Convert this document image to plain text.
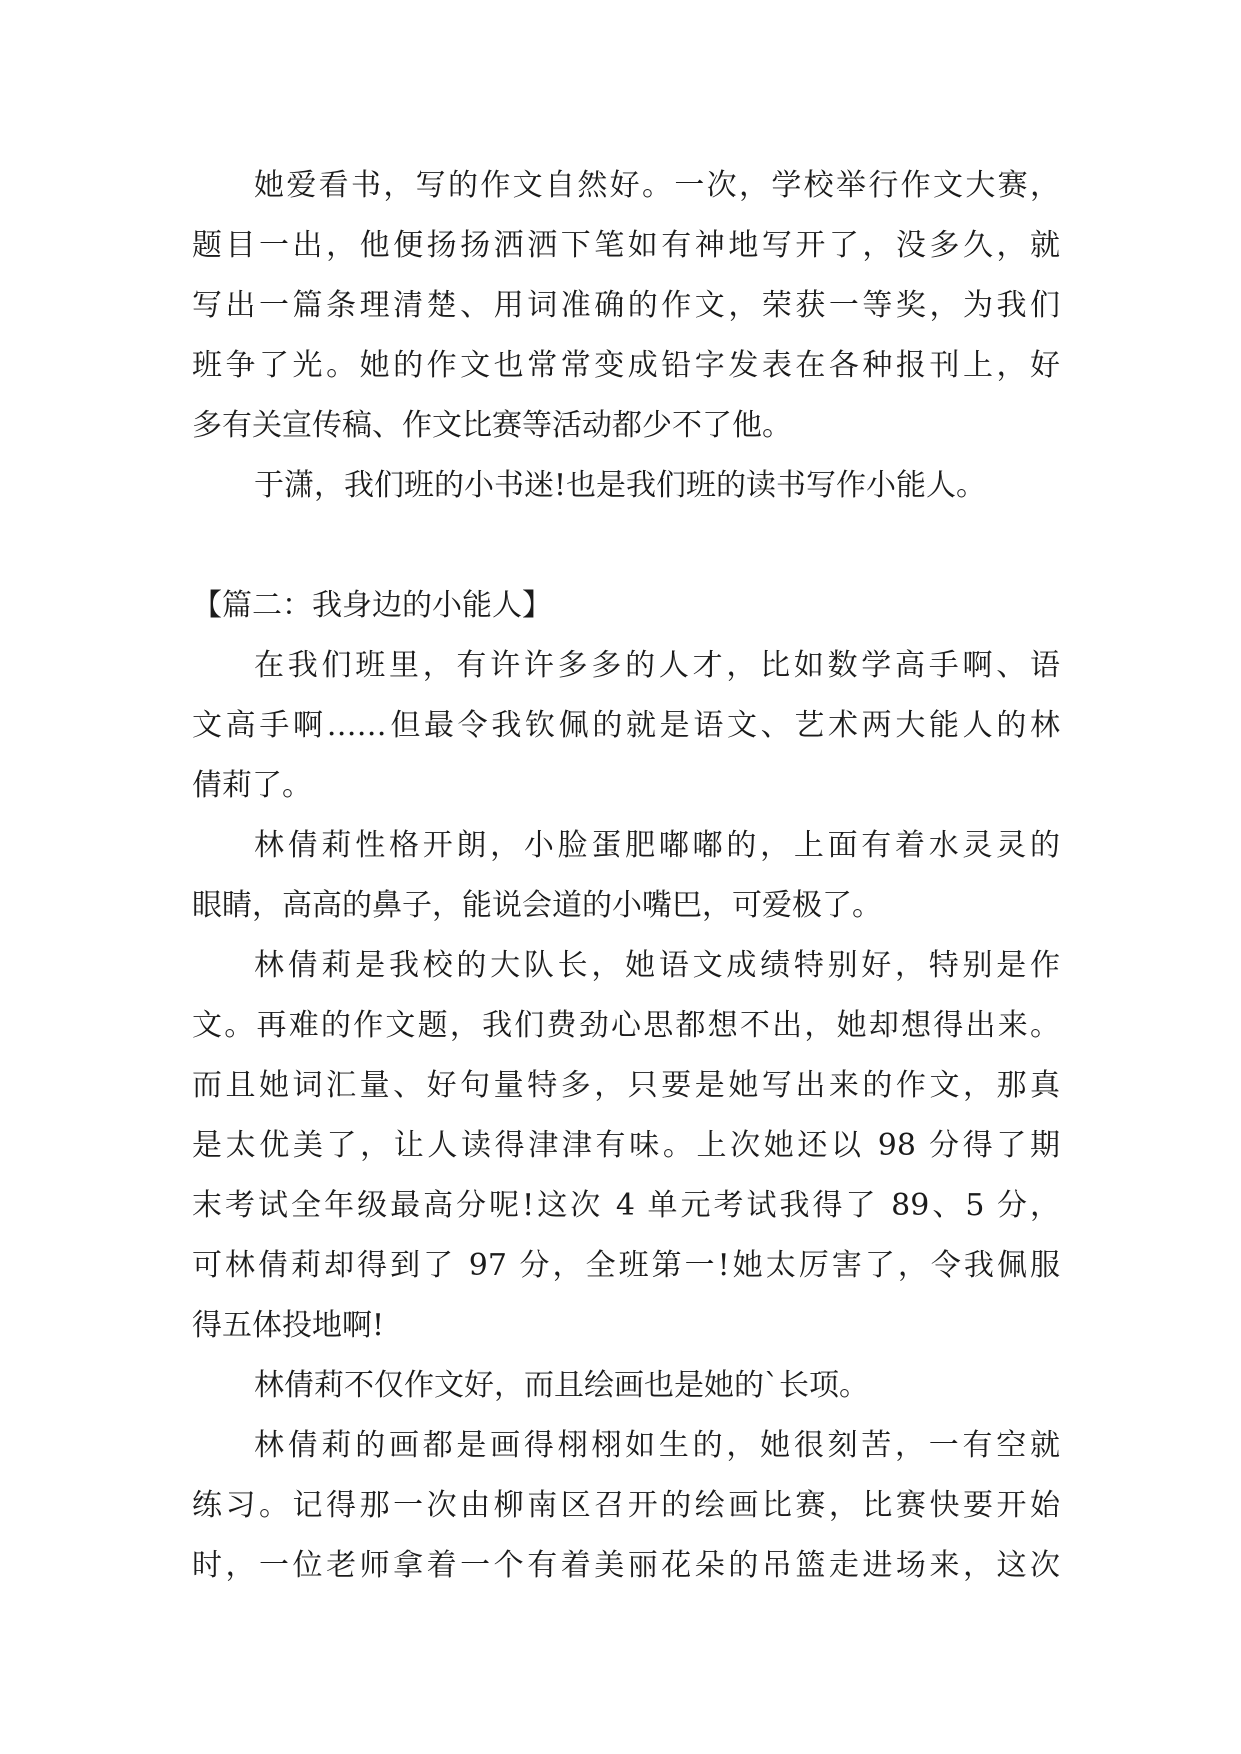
她爱看书，写的作文自然好。一次，学校举行作文大赛，
题目一出，他便扬扬洒洒下笔如有神地写开了，没多久，就
写出一篇条理清楚、用词准确的作文，荣获一等奖，为我们
班争了光。她的作文也常常变成铅字发表在各种报刊上，好
多有关宣传稿、作文比赛等活动都少不了他。
于潇，我们班的小书迷!也是我们班的读书写作小能人。
【篇二：我身边的小能人】
在我们班里，有许许多多的人才，比如数学高手啊、语
文高手啊……但最令我钦佩的就是语文、艺术两大能人的林
倩莉了。
林倩莉性格开朗，小脸蛋肥嘟嘟的，上面有着水灵灵的
眼睛，高高的鼻子，能说会道的小嘴巴，可爱极了。
林倩莉是我校的大队长，她语文成绩特别好，特别是作
文。再难的作文题，我们费劲心思都想不出，她却想得出来。
而且她词汇量、好句量特多，只要是她写出来的作文，那真
是太优美了，让人读得津津有味。上次她还以 98 分得了期
末考试全年级最高分呢!这次 4 单元考试我得了 89、5 分，
可林倩莉却得到了 97 分，全班第一!她太厉害了，令我佩服
得五体投地啊!
林倩莉不仅作文好，而且绘画也是她的`长项。
林倩莉的画都是画得栩栩如生的，她很刻苦，一有空就
练习。记得那一次由柳南区召开的绘画比赛，比赛快要开始
时，一位老师拿着一个有着美丽花朵的吊篮走进场来，这次
